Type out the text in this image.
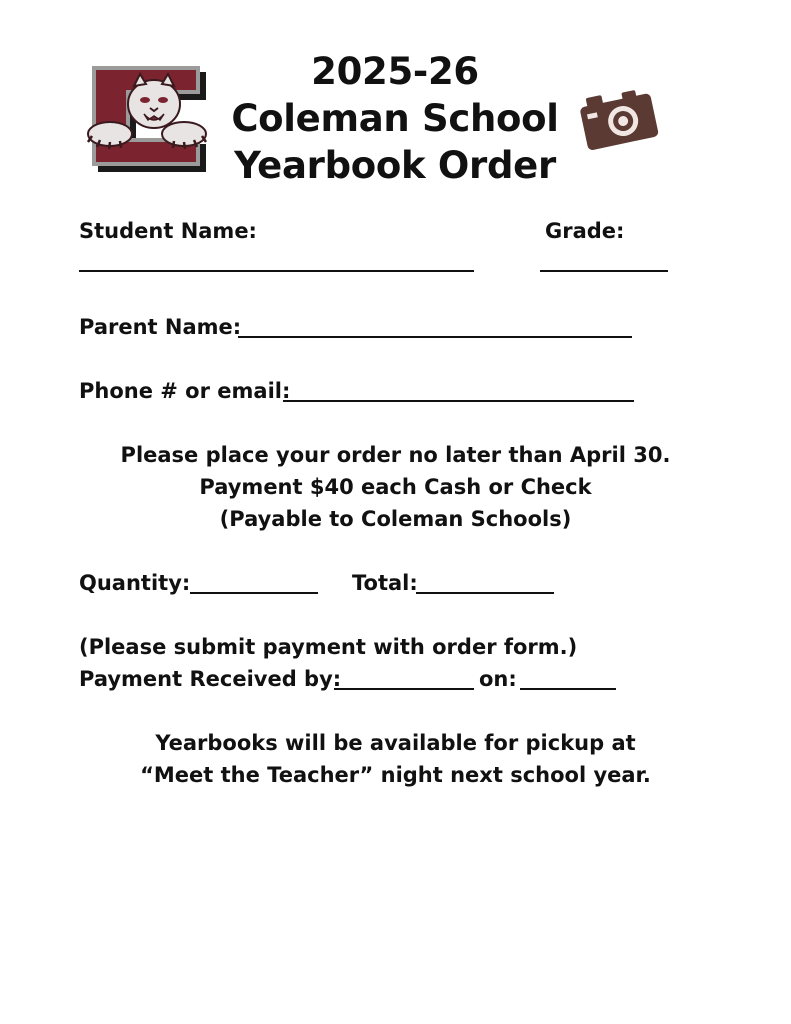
2025-26
Coleman School
Yearbook Order
Student Name:	Grade:
Parent Name:
Phone # or email:
Please place your order no later than April 30.
Payment $40 each Cash or Check
(Payable to Coleman Schools)
Quantity:	Total:
(Please submit payment with order form.)
Payment Received by:	on:
Yearbooks will be available for pickup at
“Meet the Teacher” night next school year.
